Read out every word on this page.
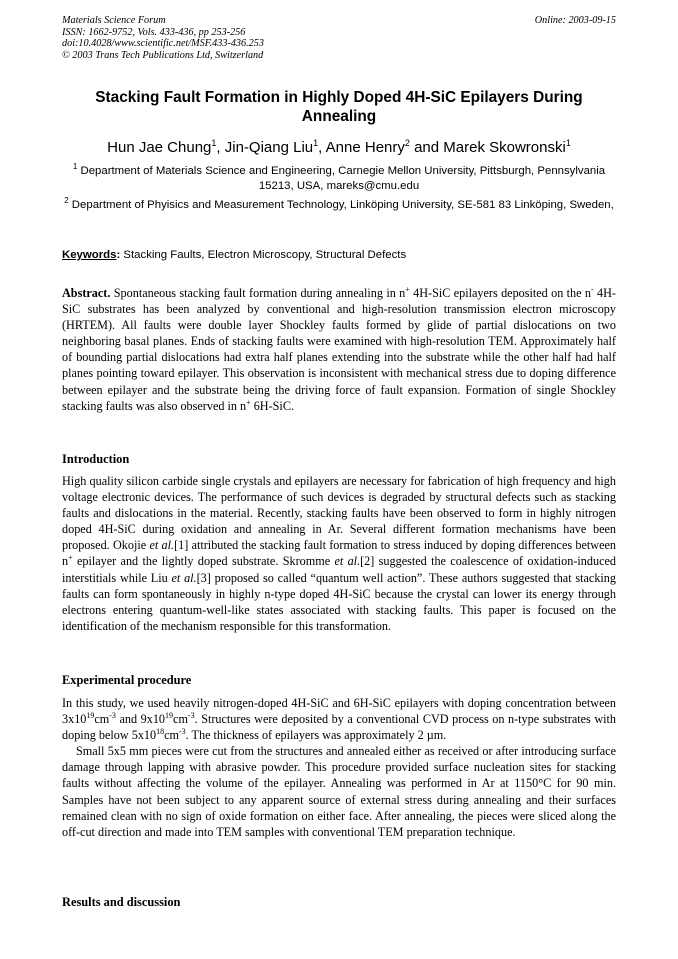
Materials Science Forum
ISSN: 1662-9752, Vols. 433-436, pp 253-256
doi:10.4028/www.scientific.net/MSF.433-436.253
© 2003 Trans Tech Publications Ltd, Switzerland
Online: 2003-09-15
Stacking Fault Formation in Highly Doped 4H-SiC Epilayers During Annealing
Hun Jae Chung$^1$, Jin-Qiang Liu$^1$, Anne Henry$^2$ and Marek Skowronski$^1$
$^1$ Department of Materials Science and Engineering, Carnegie Mellon University, Pittsburgh, Pennsylvania 15213, USA, mareks@cmu.edu
$^2$ Department of Phyisics and Measurement Technology, Linköping University, SE-581 83 Linköping, Sweden,
Keywords: Stacking Faults, Electron Microscopy, Structural Defects
Abstract. Spontaneous stacking fault formation during annealing in n+ 4H-SiC epilayers deposited on the n- 4H-SiC substrates has been analyzed by conventional and high-resolution transmission electron microscopy (HRTEM). All faults were double layer Shockley faults formed by glide of partial dislocations on two neighboring basal planes. Ends of stacking faults were examined with high-resolution TEM. Approximately half of bounding partial dislocations had extra half planes extending into the substrate while the other half had half planes pointing toward epilayer. This observation is inconsistent with mechanical stress due to doping difference between epilayer and the substrate being the driving force of fault expansion. Formation of single Shockley stacking faults was also observed in n+ 6H-SiC.
Introduction
High quality silicon carbide single crystals and epilayers are necessary for fabrication of high frequency and high voltage electronic devices. The performance of such devices is degraded by structural defects such as stacking faults and dislocations in the material. Recently, stacking faults have been observed to form in highly nitrogen doped 4H-SiC during oxidation and annealing in Ar. Several different formation mechanisms have been proposed. Okojie et al.[1] attributed the stacking fault formation to stress induced by doping differences between n+ epilayer and the lightly doped substrate. Skromme et al.[2] suggested the coalescence of oxidation-induced interstitials while Liu et al.[3] proposed so called “quantum well action”. These authors suggested that stacking faults can form spontaneously in highly n-type doped 4H-SiC because the crystal can lower its energy through electrons entering quantum-well-like states associated with stacking faults. This paper is focused on the identification of the mechanism responsible for this transformation.
Experimental procedure

In this study, we used heavily nitrogen-doped 4H-SiC and 6H-SiC epilayers with doping concentration between $3x10^{19}cm^{-3}$ and $9x10^{19}cm^{-3}$. Structures were deposited by a conventional CVD process on n-type substrates with doping below $5x10^{18}cm^{-3}$. The thickness of epilayers was approximately 2 µm.

Small 5x5 mm pieces were cut from the structures and annealed either as received or after introducing surface damage through lapping with abrasive powder. This procedure provided surface nucleation sites for stacking faults without affecting the volume of the epilayer. Annealing was performed in Ar at 1150°C for 90 min. Samples have not been subject to any apparent source of external stress during annealing and their surfaces remained clean with no sign of oxide formation on either face. After annealing, the pieces were sliced along the off-cut direction and made into TEM samples with conventional TEM preparation technique.

Results and discussion
